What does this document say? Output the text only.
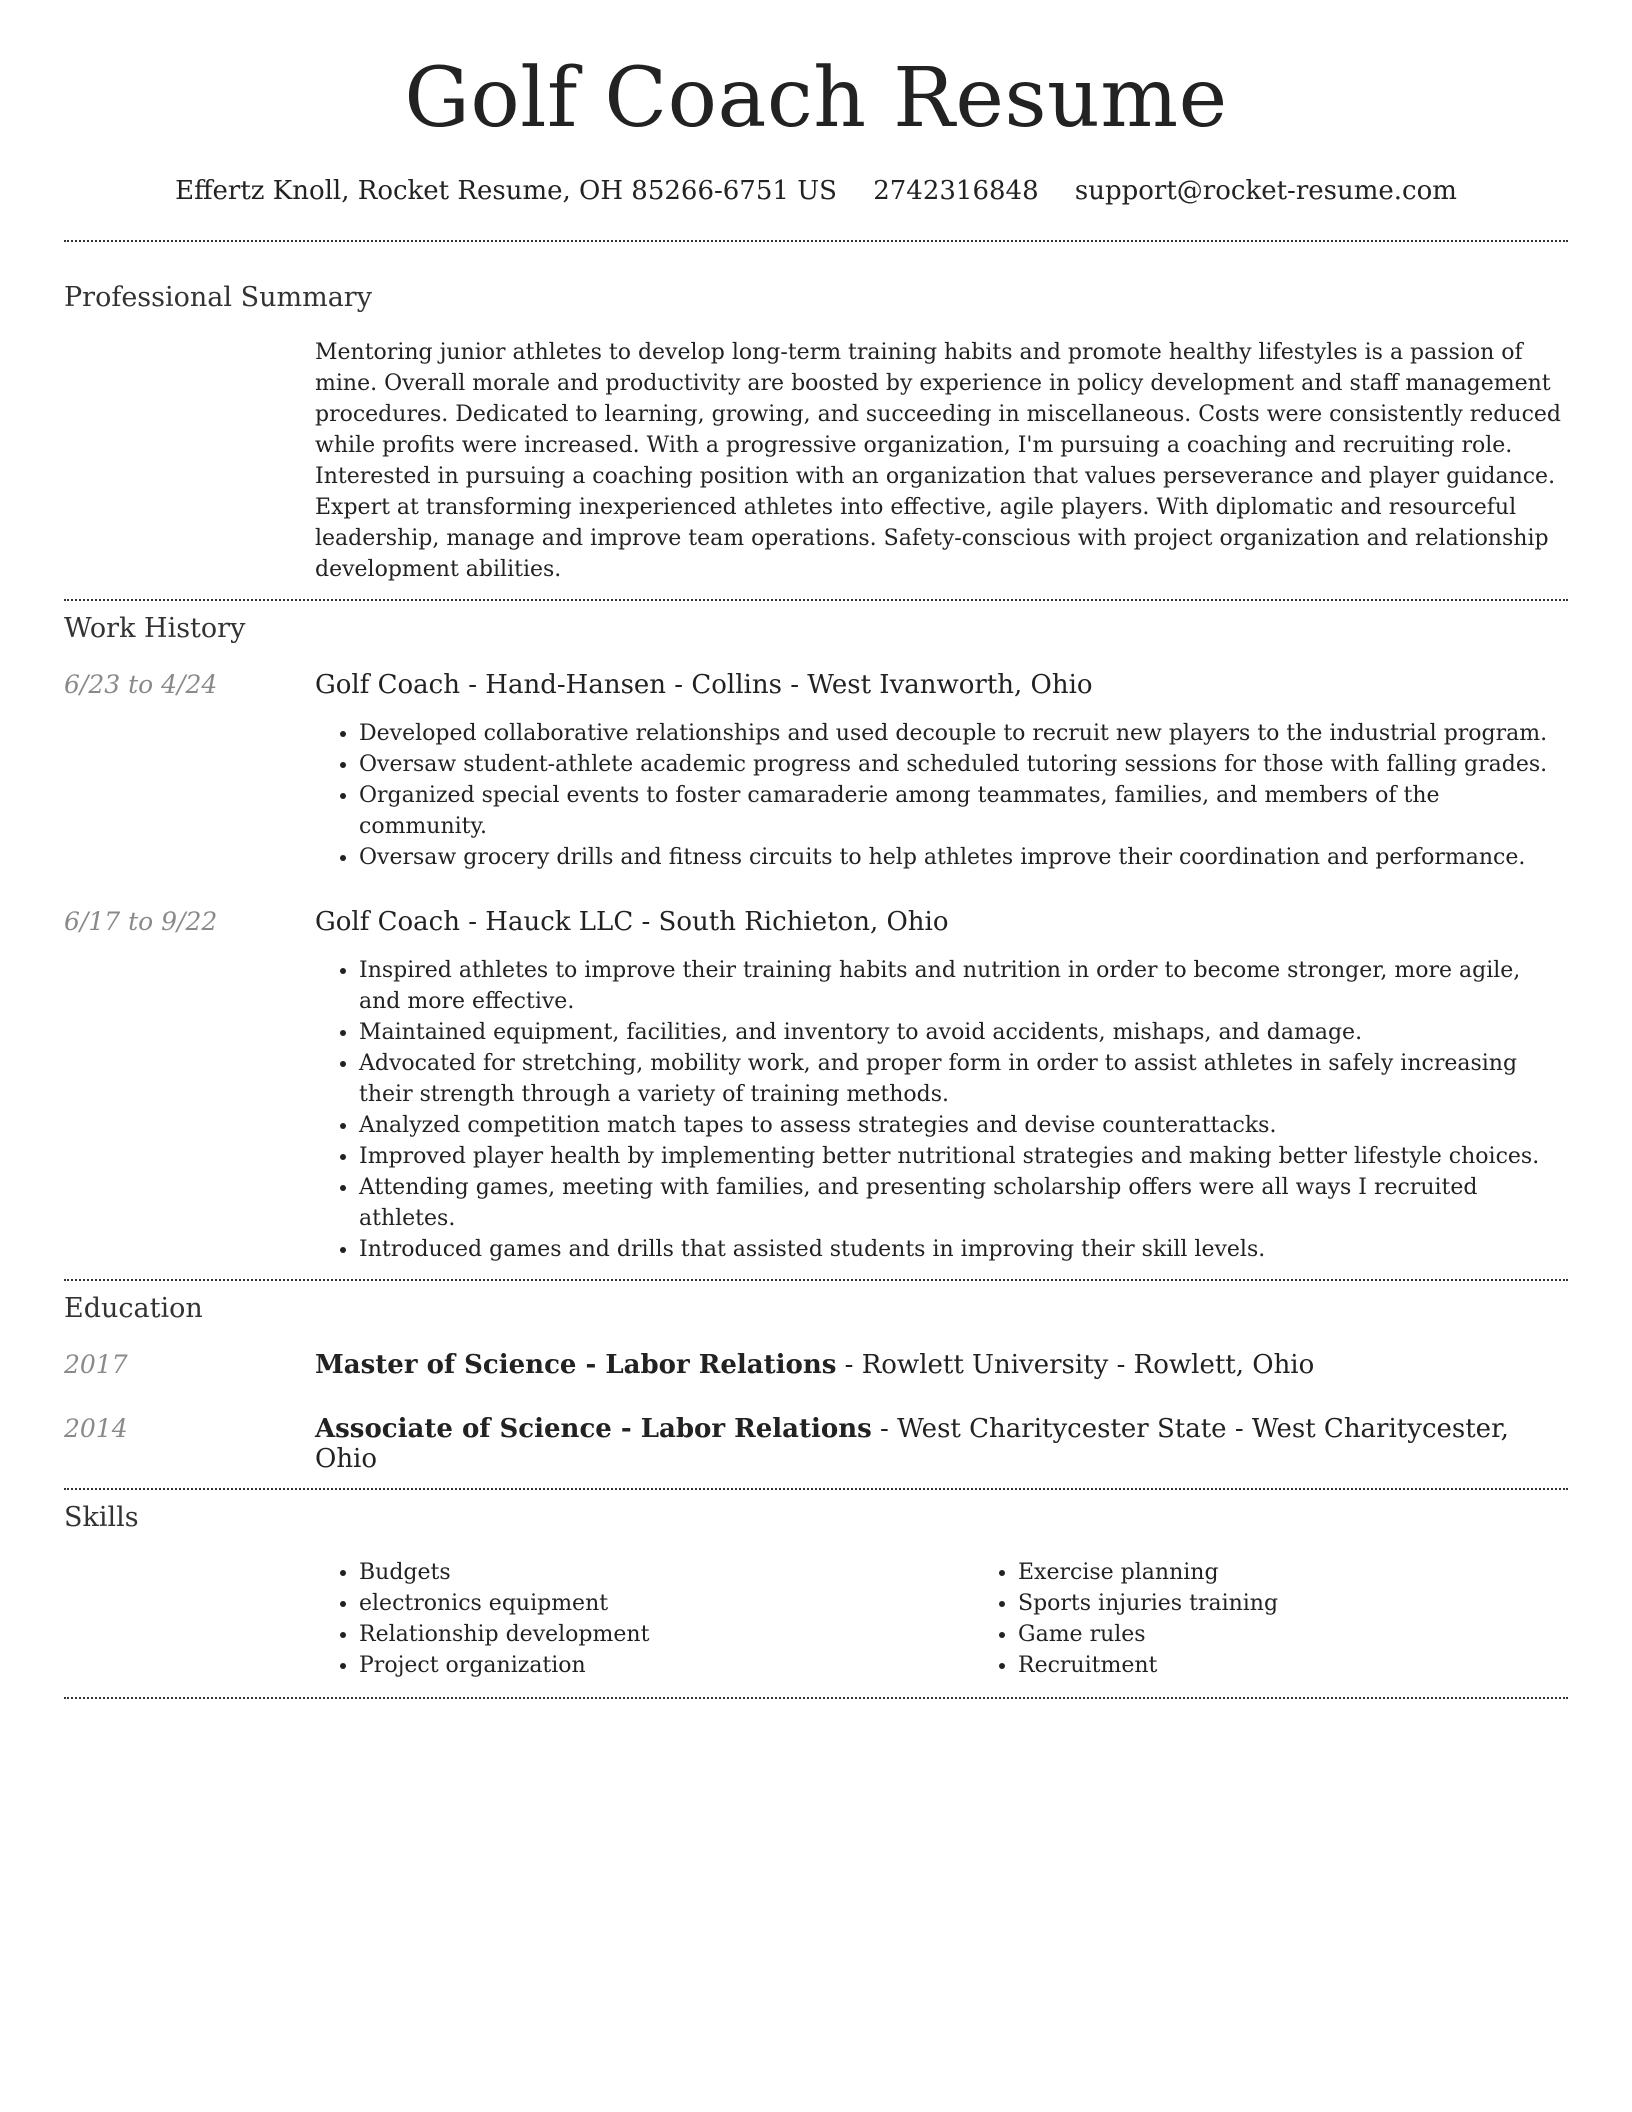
Golf Coach Resume
Effertz Knoll, Rocket Resume, OH 85266-6751 US 2742316848 support@rocket-resume.com
Professional Summary

Mentoring junior athletes to develop long-term training habits and promote healthy lifestyles is a passion of mine. Overall morale and productivity are boosted by experience in policy development and staff management procedures. Dedicated to learning, growing, and succeeding in miscellaneous. Costs were consistently reduced while profits were increased. With a progressive organization, I'm pursuing a coaching and recruiting role. Interested in pursuing a coaching position with an organization that values perseverance and player guidance. Expert at transforming inexperienced athletes into effective, agile players. With diplomatic and resourceful leadership, manage and improve team operations. Safety-conscious with project organization and relationship development abilities.

Work History
6/23 to 4/24	Golf Coach - Hand-Hansen - Collins - West Ivanworth, Ohio
• Developed collaborative relationships and used decouple to recruit new players to the industrial program.
• Oversaw student-athlete academic progress and scheduled tutoring sessions for those with falling grades.
• Organized special events to foster camaraderie among teammates, families, and members of the community.
• Oversaw grocery drills and fitness circuits to help athletes improve their coordination and performance.
6/17 to 9/22	Golf Coach - Hauck LLC - South Richieton, Ohio
• Inspired athletes to improve their training habits and nutrition in order to become stronger, more agile, and more effective.
• Maintained equipment, facilities, and inventory to avoid accidents, mishaps, and damage.
• Advocated for stretching, mobility work, and proper form in order to assist athletes in safely increasing their strength through a variety of training methods.
• Analyzed competition match tapes to assess strategies and devise counterattacks.
• Improved player health by implementing better nutritional strategies and making better lifestyle choices.
• Attending games, meeting with families, and presenting scholarship offers were all ways I recruited athletes.
• Introduced games and drills that assisted students in improving their skill levels.
Education
2017	Master of Science - Labor Relations - Rowlett University - Rowlett, Ohio
2014	Associate of Science - Labor Relations - West Charitycester State - West Charitycester, Ohio
Skills
• Budgets
• electronics equipment
• Relationship development
• Project organization
• Exercise planning
• Sports injuries training
• Game rules
• Recruitment
